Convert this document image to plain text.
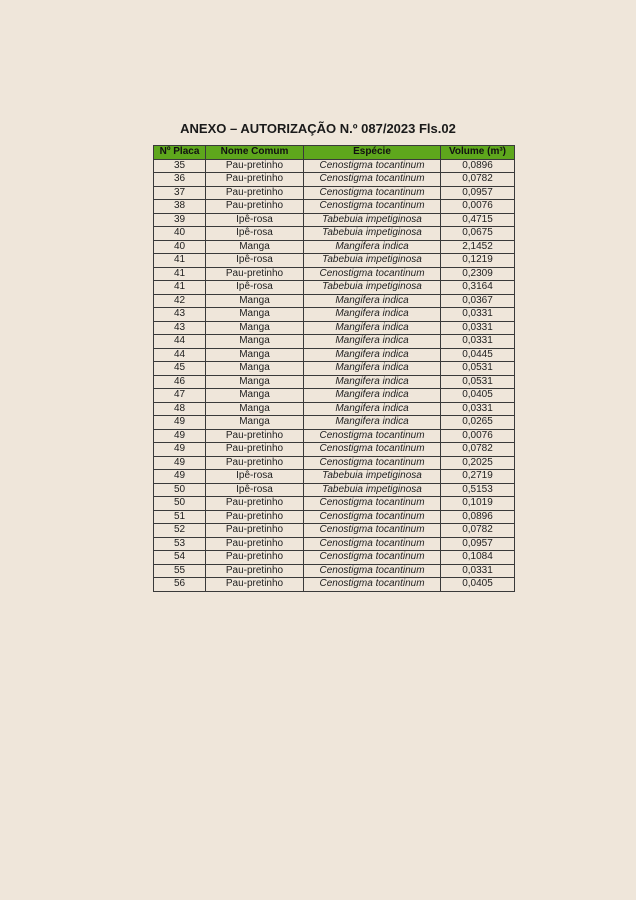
ANEXO – AUTORIZAÇÃO N.º 087/2023 Fls.02
Nº Placa	Nome Comum	Espécie	Volume (m³)
35	Pau-pretinho	Cenostigma tocantinum	0,0896
36	Pau-pretinho	Cenostigma tocantinum	0,0782
37	Pau-pretinho	Cenostigma tocantinum	0,0957
38	Pau-pretinho	Cenostigma tocantinum	0,0076
39	Ipê-rosa	Tabebuia impetiginosa	0,4715
40	Ipê-rosa	Tabebuia impetiginosa	0,0675
40	Manga	Mangifera indica	2,1452
41	Ipê-rosa	Tabebuia impetiginosa	0,1219
41	Pau-pretinho	Cenostigma tocantinum	0,2309
41	Ipê-rosa	Tabebuia impetiginosa	0,3164
42	Manga	Mangifera indica	0,0367
43	Manga	Mangifera indica	0,0331
43	Manga	Mangifera indica	0,0331
44	Manga	Mangifera indica	0,0331
44	Manga	Mangifera indica	0,0445
45	Manga	Mangifera indica	0,0531
46	Manga	Mangifera indica	0,0531
47	Manga	Mangifera indica	0,0405
48	Manga	Mangifera indica	0,0331
49	Manga	Mangifera indica	0,0265
49	Pau-pretinho	Cenostigma tocantinum	0,0076
49	Pau-pretinho	Cenostigma tocantinum	0,0782
49	Pau-pretinho	Cenostigma tocantinum	0,2025
49	Ipê-rosa	Tabebuia impetiginosa	0,2719
50	Ipê-rosa	Tabebuia impetiginosa	0,5153
50	Pau-pretinho	Cenostigma tocantinum	0,1019
51	Pau-pretinho	Cenostigma tocantinum	0,0896
52	Pau-pretinho	Cenostigma tocantinum	0,0782
53	Pau-pretinho	Cenostigma tocantinum	0,0957
54	Pau-pretinho	Cenostigma tocantinum	0,1084
55	Pau-pretinho	Cenostigma tocantinum	0,0331
56	Pau-pretinho	Cenostigma tocantinum	0,0405
